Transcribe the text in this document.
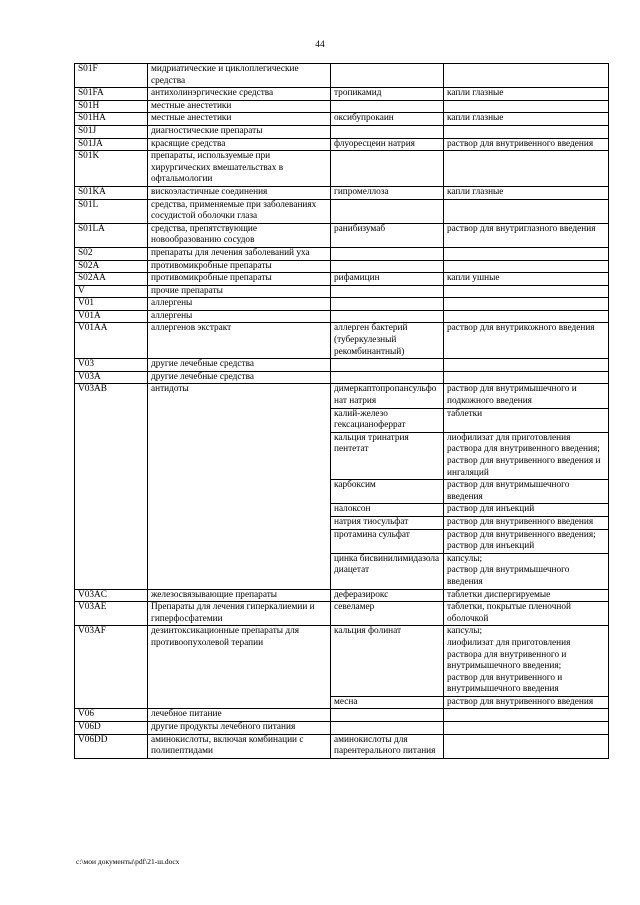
44
S01F	мидриатические и циклоплегические средства		
S01FA	антихолинэргические средства	тропикамид	капли глазные
S01H	местные анестетики		
S01HA	местные анестетики	оксибупрокаин	капли глазные
S01J	диагностические препараты		
S01JA	красящие средства	флуоресцеин натрия	раствор для внутривенного введения
S01K	препараты, используемые при хирургических вмешательствах в офтальмологии		
S01KA	вискоэластичные соединения	гипромеллоза	капли глазные
S01L	средства, применяемые при заболеваниях сосудистой оболочки глаза		
S01LA	средства, препятствующие новообразованию сосудов	ранибизумаб	раствор для внутриглазного введения
S02	препараты для лечения заболеваний уха		
S02A	противомикробные препараты		
S02AA	противомикробные препараты	рифамицин	капли ушные
V	прочие препараты		
V01	аллергены		
V01A	аллергены		
V01AA	аллергенов экстракт	аллерген бактерий (туберкулезный рекомбинантный)	раствор для внутрикожного введения
V03	другие лечебные средства		
V03A	другие лечебные средства		
V03AB	антидоты	димеркаптопропансульфонат натрия	раствор для внутримышечного и подкожного введения
		калий-железо гексацианоферрат	таблетки
		кальция тринатрия пентетат	лиофилизат для приготовления раствора для внутривенного введения;
раствор для внутривенного введения и ингаляций
		карбоксим	раствор для внутримышечного введения
		налоксон	раствор для инъекций
		натрия тиосульфат	раствор для внутривенного введения
		протамина сульфат	раствор для внутривенного введения;
раствор для инъекций
		цинка бисвинилимидазола диацетат	капсулы;
раствор для внутримышечного введения
V03AC	железосвязывающие препараты	деферазирокс	таблетки диспергируемые
V03AE	Препараты для лечения гиперкалиемии и гиперфосфатемии	севеламер	таблетки, покрытые пленочной оболочкой
V03AF	дезинтоксикационные препараты для противоопухолевой терапии	кальция фолинат	капсулы;
лиофилизат для приготовления раствора для внутривенного и внутримышечного введения;
раствор для внутривенного и внутримышечного введения
		месна	раствор для внутривенного введения
V06	лечебное питание		
V06D	другие продукты лечебного питания		
V06DD	аминокислоты, включая комбинации с полипептидами	аминокислоты для парентерального питания	
c:\мои документы\pdf\21-ш.docx
